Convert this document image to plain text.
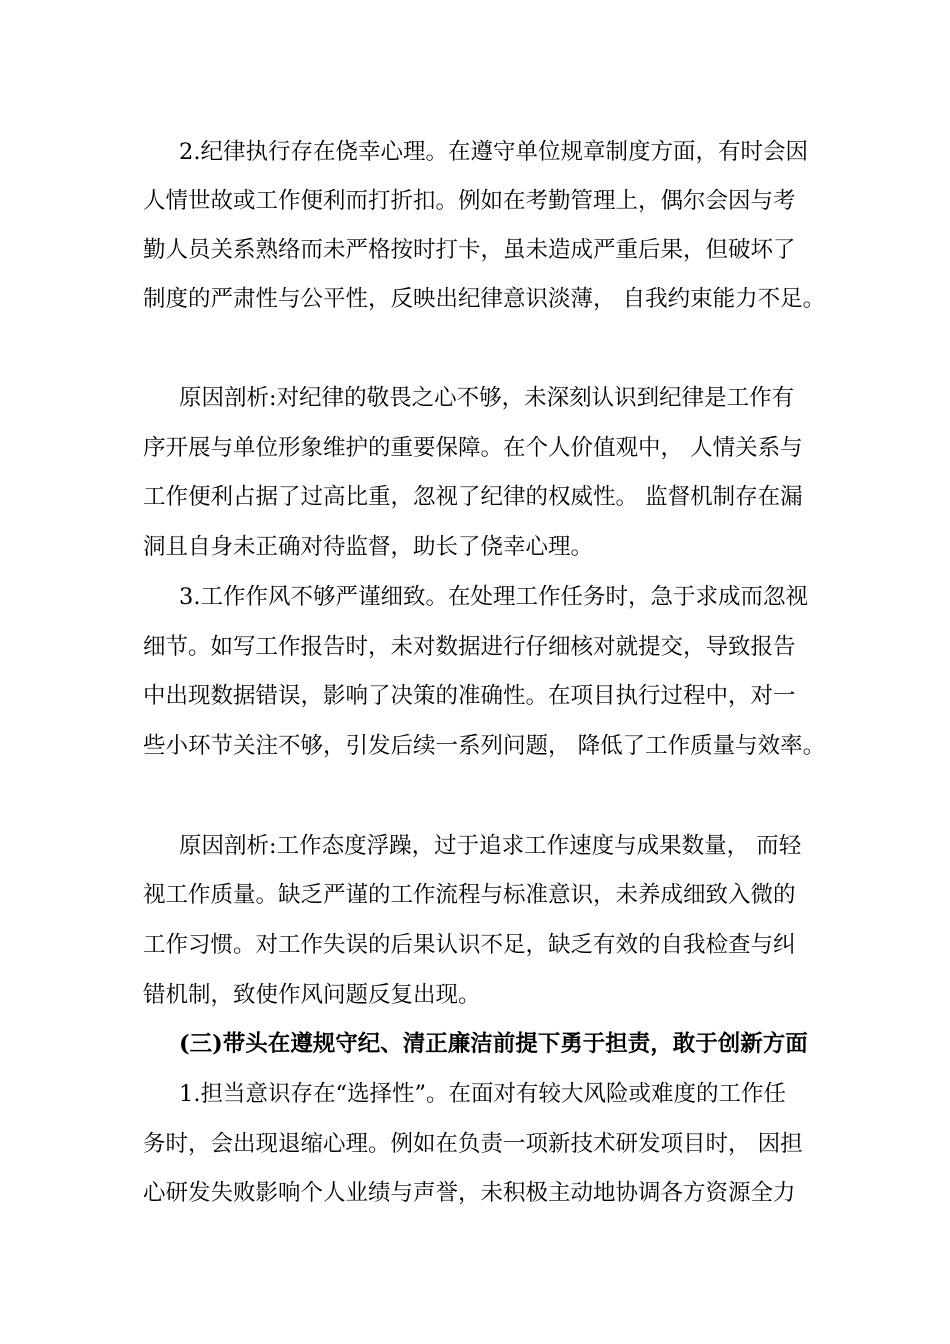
2.纪律执行存在侥幸心理。在遵守单位规章制度方面，有时会因
人情世故或工作便利而打折扣。例如在考勤管理上，偶尔会因与考
勤人员关系熟络而未严格按时打卡，虽未造成严重后果，但破坏了
制度的严肃性与公平性，反映出纪律意识淡薄， 自我约束能力不足。
原因剖析:对纪律的敬畏之心不够，未深刻认识到纪律是工作有
序开展与单位形象维护的重要保障。在个人价值观中， 人情关系与
工作便利占据了过高比重，忽视了纪律的权威性。 监督机制存在漏
洞且自身未正确对待监督，助长了侥幸心理。
3.工作作风不够严谨细致。在处理工作任务时，急于求成而忽视
细节。如写工作报告时，未对数据进行仔细核对就提交，导致报告
中出现数据错误，影响了决策的准确性。在项目执行过程中，对一
些小环节关注不够，引发后续一系列问题， 降低了工作质量与效率。
原因剖析:工作态度浮躁，过于追求工作速度与成果数量， 而轻
视工作质量。缺乏严谨的工作流程与标准意识，未养成细致入微的
工作习惯。对工作失误的后果认识不足，缺乏有效的自我检查与纠
错机制，致使作风问题反复出现。
(三)带头在遵规守纪、清正廉洁前提下勇于担责，敢于创新方面
1.担当意识存在“选择性”。在面对有较大风险或难度的工作任
务时，会出现退缩心理。例如在负责一项新技术研发项目时， 因担
心研发失败影响个人业绩与声誉，未积极主动地协调各方资源全力
